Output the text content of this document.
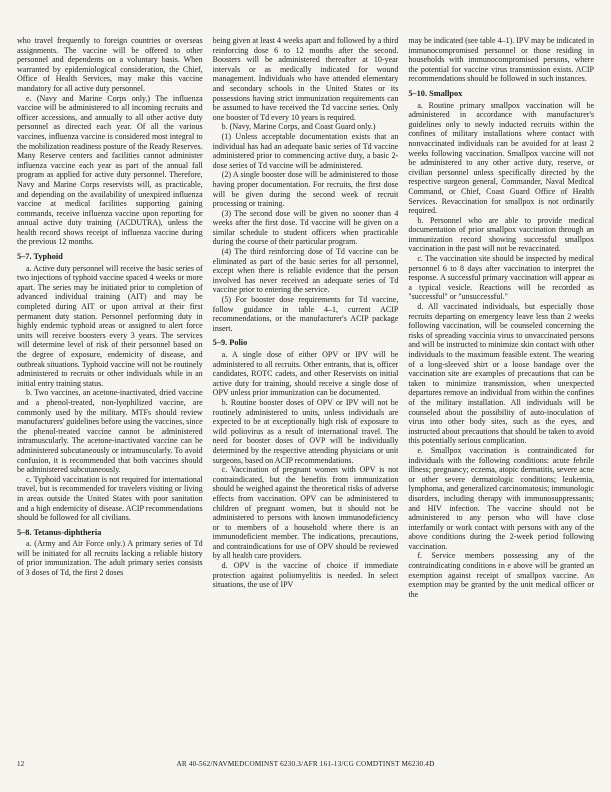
who travel frequently to foreign countries or overseas assignments. The vaccine will be offered to other personnel and dependents on a voluntary basis. When warranted by epidemiological consideration, the Chief, Office of Health Services, may make this vaccine mandatory for all active duty personnel.

e. (Navy and Marine Corps only.) The influenza vaccine will be administered to all incoming recruits and officer accessions, and annually to all other active duty personnel as directed each year. Of all the various vaccines, influenza vaccine is considered most integral to the mobilization readiness posture of the Ready Reserves. Many Reserve centers and facilities cannot administer influenza vaccine each year as part of the annual fall program as applied for active duty personnel. Therefore, Navy and Marine Corps reservists will, as practicable, and depending on the availability of unexpired influenza vaccine at medical facilities supporting gaining commands, receive influenza vaccine upon reporting for annual active duty training (ACDUTRA), unless the health record shows receipt of influenza vaccine during the previous 12 months.

5–7. Typhoid

a. Active duty personnel will receive the basic series of two injections of typhoid vaccine spaced 4 weeks or more apart. The series may be initiated prior to completion of advanced individual training (AIT) and may be completed during AIT or upon arrival at their first permanent duty station. Personnel performing duty in highly endemic typhoid areas or assigned to alert force units will receive boosters every 3 years. The services will determine level of risk of their personnel based on the degree of exposure, endemicity of disease, and outbreak situations. Typhoid vaccine will not be routinely administered to recruits or other individuals while in an initial entry training status.

b. Two vaccines, an acetone-inactivated, dried vaccine and a phenol-treated, non-lyophilized vaccine, are commonly used by the military. MTFs should review manufacturers' guidelines before using the vaccines, since the phenol-treated vaccine cannot be administered intramuscularly. The acetone-inactivated vaccine can be administered subcutaneously or intramuscularly. To avoid confusion, it is recommended that both vaccines should be administered subcutaneously.

c. Typhoid vaccination is not required for international travel, but is recommended for travelers visiting or living in areas outside the United States with poor sanitation and a high endemicity of disease. ACIP recommendations should be followed for all civilians.

5–8. Tetanus-diphtheria

a. (Army and Air Force only.) A primary series of Td will be initiated for all recruits lacking a reliable history of prior immunization. The adult primary series consists of 3 doses of Td, the first 2 doses

being given at least 4 weeks apart and followed by a third reinforcing dose 6 to 12 months after the second. Boosters will be administered thereafter at 10-year intervals or as medically indicated for wound management. Individuals who have attended elementary and secondary schools in the United States or its possessions having strict immunization requirements can be assumed to have received the Td vaccine series. Only one booster of Td every 10 years is required.

b. (Navy, Marine Corps, and Coast Guard only.)

(1) Unless acceptable documentation exists that an individual has had an adequate basic series of Td vaccine administered prior to commencing active duty, a basic 2-dose series of Td vaccine will be administered.

(2) A single booster dose will be administered to those having proper documentation. For recruits, the first dose will be given during the second week of recruit processing or training.

(3) The second dose will be given no sooner than 4 weeks after the first dose. Td vaccine will be given on a similar schedule to student officers when practicable during the course of their particular program.

(4) The third reinforcing dose of Td vaccine can be eliminated as part of the basic series for all personnel, except when there is reliable evidence that the person involved has never received an adequate series of Td vaccine prior to entering the service.

(5) For booster dose requirements for Td vaccine, follow guidance in table 4–1, current ACIP recommendations, or the manufacturer's ACIP package insert.

5–9. Polio

a. A single dose of either OPV or IPV will be administered to all recruits. Other entrants, that is, officer candidates, ROTC cadets, and other Reservists on initial active duty for training, should receive a single dose of OPV unless prior immunization can be documented.

b. Routine booster doses of OPV or IPV will not be routinely administered to units, unless individuals are expected to be at exceptionally high risk of exposure to wild poliovirus as a result of international travel. The need for booster doses of OVP will be individually determined by the respective attending physicians or unit surgeons, based on ACIP recommendations.

c. Vaccination of pregnant women with OPV is not contraindicated, but the benefits from immunization should be weighed against the theoretical risks of adverse effects from vaccination. OPV can be administered to children of pregnant women, but it should not be administered to persons with known immunodeficiency or to members of a household where there is an immunodeficient member. The indications, precautions, and contraindications for use of OPV should be reviewed by all health care providers.

d. OPV is the vaccine of choice if immediate protection against poliomyelitis is needed. In select situations, the use of IPV

may be indicated (see table 4–1). IPV may be indicated in immunocompromised personnel or those residing in households with immunocompromised persons, where the potential for vaccine virus transmission exists. ACIP recommendations should be followed in such instances.

5–10. Smallpox

a. Routine primary smallpox vaccination will be administered in accordance with manufacturer's guidelines only to newly inducted recruits within the confines of military installations where contact with nonvaccinated individuals can be avoided for at least 2 weeks following vaccination. Smallpox vaccine will not be administered to any other active duty, reserve, or civilian personnel unless specifically directed by the respective surgeon general, Commander, Naval Medical Command, or Chief, Coast Guard Office of Health Services. Revaccination for smallpox is not ordinarily required.

b. Personnel who are able to provide medical documentation of prior smallpox vaccination through an immunization record showing successful smallpox vaccination in the past will not be revaccinated.

c. The vaccination site should be inspected by medical personnel 6 to 8 days after vaccination to interpret the response. A successful primary vaccination will appear as a typical vesicle. Reactions will be recorded as "successful" or "unsuccessful."

d. All vaccinated individuals, but especially those recruits departing on emergency leave less than 2 weeks following vaccination, will be counseled concerning the risks of spreading vaccinia virus to unvaccinated persons and will be instructed to minimize skin contact with other individuals to the maximum feasible extent. The wearing of a long-sleeved shirt or a loose bandage over the vaccination site are examples of precautions that can be taken to minimize transmission, when unexpected departures remove an individual from within the confines of the military installation. All individuals will be counseled about the possibility of auto-inoculation of virus into other body sites, such as the eyes, and instructed about precautions that should be taken to avoid this potentially serious complication.

e. Smallpox vaccination is contraindicated for individuals with the following conditions: acute febrile illness; pregnancy; eczema, atopic dermatitis, severe acne or other severe dermatologic conditions; leukemia, lymphoma, and generalized carcinomatosis; immunologic disorders, including therapy with immunosuppressants; and HIV infection. The vaccine should not be administered to any person who will have close interfamily or work contact with persons with any of the above conditions during the 2-week period following vaccination.

f. Service members possessing any of the contraindicating conditions in e above will be granted an exemption against receipt of smallpox vaccine. An exemption may be granted by the unit medical officer or the

12	AR 40-562/NAVMEDCOMINST 6230.3/AFR 161-13/CG COMDTINST M6230.4D
